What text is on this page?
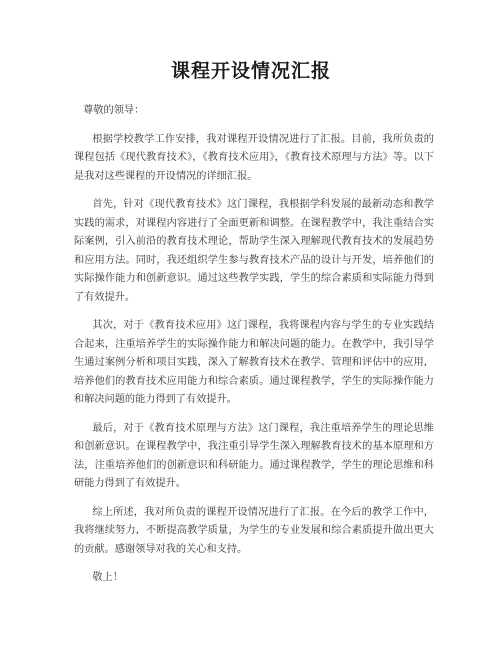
课程开设情况汇报

尊敬的领导：

根据学校教学工作安排，我对课程开设情况进行了汇报。目前，我所负责的课程包括《现代教育技术》，《教育技术应用》，《教育技术原理与方法》等。以下是我对这些课程的开设情况的详细汇报。

首先，针对《现代教育技术》这门课程，我根据学科发展的最新动态和教学实践的需求，对课程内容进行了全面更新和调整。在课程教学中，我注重结合实际案例，引入前沿的教育技术理论，帮助学生深入理解现代教育技术的发展趋势和应用方法。同时，我还组织学生参与教育技术产品的设计与开发，培养他们的实际操作能力和创新意识。通过这些教学实践，学生的综合素质和实际能力得到了有效提升。

其次，对于《教育技术应用》这门课程，我将课程内容与学生的专业实践结合起来，注重培养学生的实际操作能力和解决问题的能力。在教学中，我引导学生通过案例分析和项目实践，深入了解教育技术在教学、管理和评估中的应用，培养他们的教育技术应用能力和综合素质。通过课程教学，学生的实际操作能力和解决问题的能力得到了有效提升。

最后，对于《教育技术原理与方法》这门课程，我注重培养学生的理论思维和创新意识。在课程教学中，我注重引导学生深入理解教育技术的基本原理和方法，注重培养他们的创新意识和科研能力。通过课程教学，学生的理论思维和科研能力得到了有效提升。

综上所述，我对所负责的课程开设情况进行了汇报。在今后的教学工作中，我将继续努力，不断提高教学质量，为学生的专业发展和综合素质提升做出更大的贡献。感谢领导对我的关心和支持。

敬上！
